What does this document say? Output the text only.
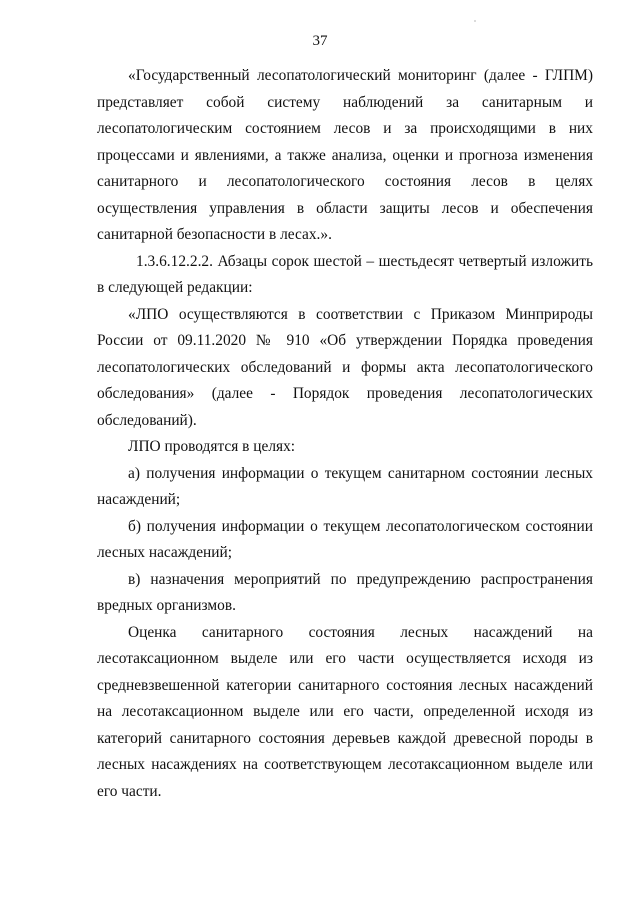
37

«Государственный лесопатологический мониторинг (далее - ГЛПМ) представляет собой систему наблюдений за санитарным и лесопатологическим состоянием лесов и за происходящими в них процессами и явлениями, а также анализа, оценки и прогноза изменения санитарного и лесопатологического состояния лесов в целях осуществления управления в области защиты лесов и обеспечения санитарной безопасности в лесах.».

1.3.6.12.2.2. Абзацы сорок шестой – шестьдесят четвертый изложить в следующей редакции:

«ЛПО осуществляются в соответствии с Приказом Минприроды России от 09.11.2020 № 910 «Об утверждении Порядка проведения лесопатологических обследований и формы акта лесопатологического обследования» (далее - Порядок проведения лесопатологических обследований).

ЛПО проводятся в целях:

а) получения информации о текущем санитарном состоянии лесных насаждений;

б) получения информации о текущем лесопатологическом состоянии лесных насаждений;

в) назначения мероприятий по предупреждению распространения вредных организмов.

Оценка санитарного состояния лесных насаждений на лесотаксационном выделе или его части осуществляется исходя из средневзвешенной категории санитарного состояния лесных насаждений на лесотаксационном выделе или его части, определенной исходя из категорий санитарного состояния деревьев каждой древесной породы в лесных насаждениях на соответствующем лесотаксационном выделе или его части.
